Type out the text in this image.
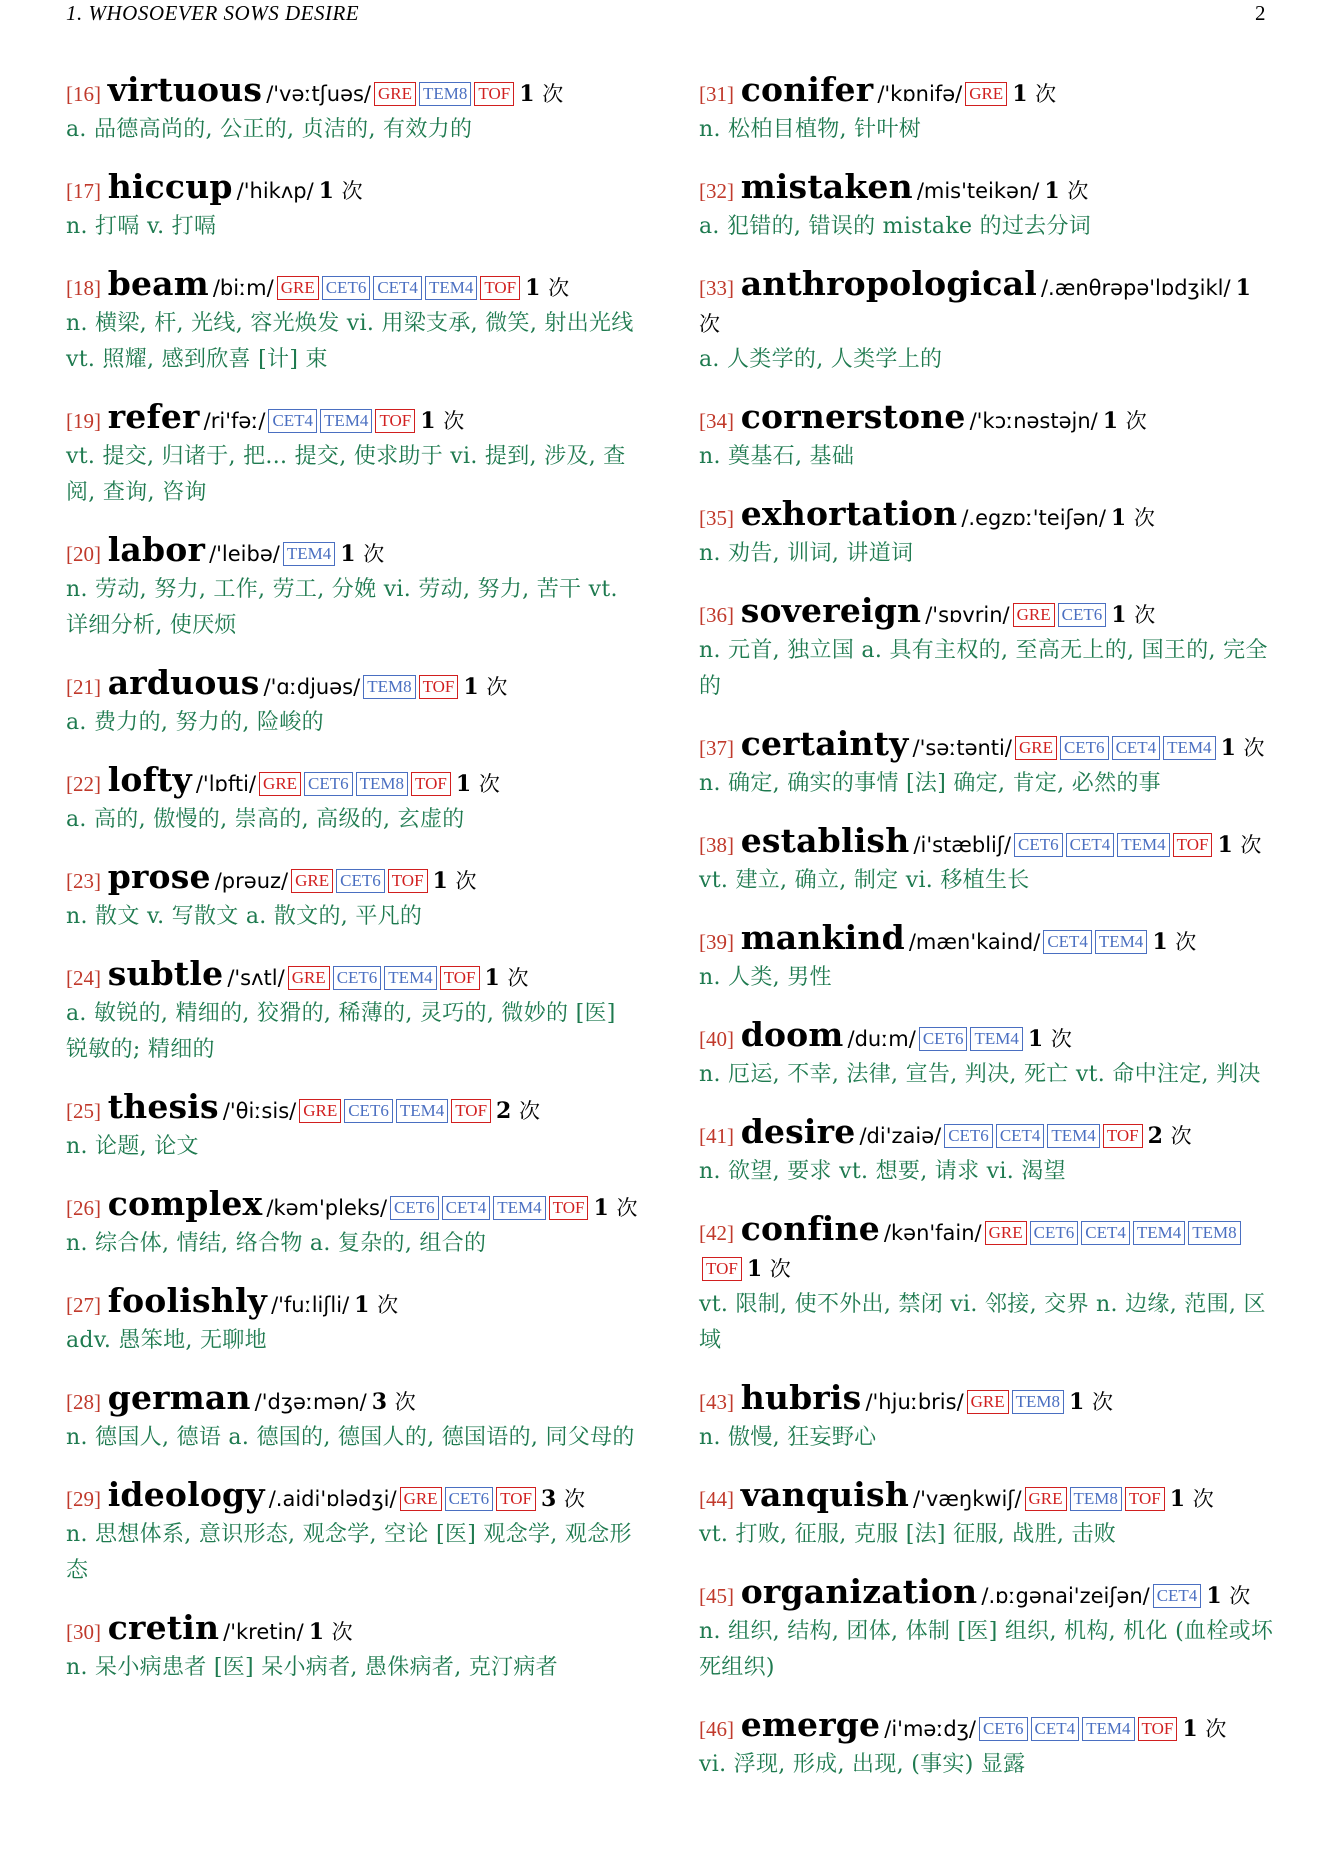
1. WHOSOEVER SOWS DESIRE	2
[16] virtuous /'vəːtʃuəs/ GRE TEM8 TOF 1 次
a. 品德高尚的, 公正的, 贞洁的, 有效力的
[17] hiccup /'hikʌp/ 1 次
n. 打嗝 v. 打嗝
[18] beam /biːm/ GRE CET6 CET4 TEM4 TOF 1 次
n. 横梁, 杆, 光线, 容光焕发 vi. 用梁支承, 微笑, 射出光线 vt. 照耀, 感到欣喜 [计] 束
[19] refer /ri'fəː/ CET4 TEM4 TOF 1 次
vt. 提交, 归诸于, 把... 提交, 使求助于 vi. 提到, 涉及, 查阅, 查询, 咨询
[20] labor /'leibə/ TEM4 1 次
n. 劳动, 努力, 工作, 劳工, 分娩 vi. 劳动, 努力, 苦干 vt. 详细分析, 使厌烦
[21] arduous /'ɑːdjuəs/ TEM8 TOF 1 次
a. 费力的, 努力的, 险峻的
[22] lofty /'lɒfti/ GRE CET6 TEM8 TOF 1 次
a. 高的, 傲慢的, 崇高的, 高级的, 玄虚的
[23] prose /prəuz/ GRE CET6 TOF 1 次
n. 散文 v. 写散文 a. 散文的, 平凡的
[24] subtle /'sʌtl/ GRE CET6 TEM4 TOF 1 次
a. 敏锐的, 精细的, 狡猾的, 稀薄的, 灵巧的, 微妙的 [医] 锐敏的; 精细的
[25] thesis /'θiːsis/ GRE CET6 TEM4 TOF 2 次
n. 论题, 论文
[26] complex /kəm'pleks/ CET6 CET4 TEM4 TOF 1 次
n. 综合体, 情结, 络合物 a. 复杂的, 组合的
[27] foolishly /'fuːliʃli/ 1 次
adv. 愚笨地, 无聊地
[28] german /'dʒəːmən/ 3 次
n. 德国人, 德语 a. 德国的, 德国人的, 德国语的, 同父母的
[29] ideology /.aidi'ɒlədʒi/ GRE CET6 TOF 3 次
n. 思想体系, 意识形态, 观念学, 空论 [医] 观念学, 观念形态
[30] cretin /'kretin/ 1 次
n. 呆小病患者 [医] 呆小病者, 愚侏病者, 克汀病者
[31] conifer /'kɒnifə/ GRE 1 次
n. 松柏目植物, 针叶树
[32] mistaken /mis'teikən/ 1 次
a. 犯错的, 错误的 mistake 的过去分词
[33] anthropological /.ænθrəpə'lɒdʒikl/ 1 次
a. 人类学的, 人类学上的
[34] cornerstone /'kɔːnəstəjn/ 1 次
n. 奠基石, 基础
[35] exhortation /.egzɒː'teiʃən/ 1 次
n. 劝告, 训词, 讲道词
[36] sovereign /'sɒvrin/ GRE CET6 1 次
n. 元首, 独立国 a. 具有主权的, 至高无上的, 国王的, 完全的
[37] certainty /'səːtənti/ GRE CET6 CET4 TEM4 1 次
n. 确定, 确实的事情 [法] 确定, 肯定, 必然的事
[38] establish /i'stæbliʃ/ CET6 CET4 TEM4 TOF 1 次
vt. 建立, 确立, 制定 vi. 移植生长
[39] mankind /mæn'kaind/ CET4 TEM4 1 次
n. 人类, 男性
[40] doom /duːm/ CET6 TEM4 1 次
n. 厄运, 不幸, 法律, 宣告, 判决, 死亡 vt. 命中注定, 判决
[41] desire /di'zaiə/ CET6 CET4 TEM4 TOF 2 次
n. 欲望, 要求 vt. 想要, 请求 vi. 渴望
[42] confine /kən'fain/ GRE CET6 CET4 TEM4 TEM8TOF 1 次
vt. 限制, 使不外出, 禁闭 vi. 邻接, 交界 n. 边缘, 范围, 区域
[43] hubris /'hjuːbris/ GRE TEM8 1 次
n. 傲慢, 狂妄野心
[44] vanquish /'væŋkwiʃ/ GRE TEM8 TOF 1 次
vt. 打败, 征服, 克服 [法] 征服, 战胜, 击败
[45] organization /.ɒːgənai'zeiʃən/ CET4 1 次
n. 组织, 结构, 团体, 体制 [医] 组织, 机构, 机化 (血栓或坏死组织)
[46] emerge /i'məːdʒ/ CET6 CET4 TEM4 TOF 1 次
vi. 浮现, 形成, 出现, (事实) 显露
